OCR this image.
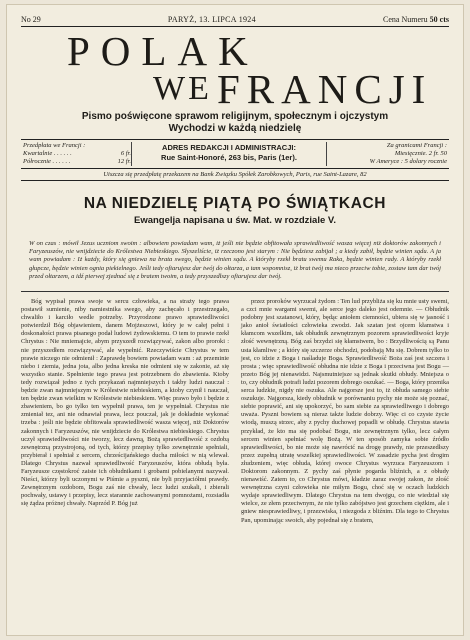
No 29	PARYŻ, 13. LIPCA 1924	Cena Numeru 50 cts
POLAK
WE FRANCJI
Pismo poświęcone sprawom religijnym, społecznym i ojczystym
Wychodzi w każdą niedzielę
Przedpłata we Francji :
Kwartalnie . . . . . .	6 fr.
Półrocznie . . . . . .	12 fr.
ADRES REDAKCJI I ADMINISTRACJI:
Rue Saint-Honoré, 263 bis, Paris (1er).
Za granicami Francji :
Miesięcznie. 2 fr. 50
W Ameryce : 5 dolary rocznie
Uiszcza się przedpłatę przekazem na Bank Związku Spółek Zarobkowych, Paris, rue Saint-Lazare, 82
NA NIEDZIELĘ PIĄTĄ PO ŚWIĄTKACH
Ewangelja napisana u św. Mat. w rozdziale V.
W on czas : mówił Jezus uczniom swoim : albowiem powiadam wam, iż jeśli nie będzie obfitowała sprawiedliwość wasza więcej niż doktorów zakonnych i Faryzeuszów, nie wnijdziecie do Królestwa Niebieskiego. Słyszeliście, iż rzeczono jest starym : Nie będziesz zabijał ; a kiedy zabił, będzie winien sądu. A ja wam powiadam : Iż każdy, który się gniewa na brata swego, będzie winien sądu. A któryby rzekł bratu swemu Raka, będzie winien rady. A któryby rzekł głupcze, będzie winien ognia piekielnego. Jeśli tedy ofiarujesz dar twój do ołtarza, a tam wspomnisz, iż brat twój ma nieco przeciw tobie, zostaw tam dar twój przed ołtarzem, a idź pierwej zjednać się z bratem twoim, a tedy przyszedłszy ofiarujesz dar twój.

Bóg wypisał prawa swoje w sercu człowieka, a na straży tego prawa postawił sumienie, niby namiestnika swego, aby zachęcało i przestrzegało, chwaliło i karciło wedle potrzeby. Przyrodzone prawo sprawiedliwości potwierdził Bóg objawieniem, danem Mojżeszowi, który je w całej pełni i doskonałości prawa pisanego podał ludowi żydowskiemu. O tem to prawie rzekł Chrystus : Nie mniemajcie, abym przyszedł rozwiązywać, zakon albo proroki : nie przyszedłem rozwiązywać, ale wypełnić. Rzeczywiście Chrystus w tem prawie niczego nie odmienił : Zaprawdę bowiem powiadam wam : aż przeminie niebo i ziemia, jedna jota, albo jedna kreska nie odmieni się w zakonie, aż się wszystko stanie. Spełnienie tego prawa jest potrzebnem do zbawienia. Ktoby tedy rozwiązał jedno z tych przykazań najmniejszych i takby ludzi nauczał : będzie zwan najmniejszym w Królestwie niebieskiem, a ktoby czynił i nauczał, ten będzie zwan wielkim w Królestwie niebieskiem. Więc prawo było i będzie z zbawieniem, bo go tylko ten wypełnił prawa, ten je wypełniał. Chrystus nie zmieniał tez, ani nie odnawiał prawa, lecz pouczał, jak je dokładnie wykonać trzeba : jeśli nie będzie obfitowała sprawiedliwość wasza więcej, niż Doktorów zakonnych i Faryzeuszów, nie wnijdziecie do Królestwa niebieskiego. Chrystus uczył sprawiedliwości nie tworzy, lecz dawną, Bożą sprawiedliwość z ozdobą zewnętrzną przystrojoną, od tych, którzy przepisy tylko zewnętrznie spełniali, przybierał i spełniał z sercem, chrześcijańskiego ducha miłości w nią wlewał. Dlatego Chrystus nazwał sprawiedliwość Faryzeuszów, która obłudą była. Faryzeusze częstokroć zaiste ich obłudnikami i grobami pobielanymi nazywał. Nieści, którzy byli uczonymi w Piśmie a pyszni, nie byli przyjaciółmi prawdy. Zewnętrznym ozdobom, Bogu zaś nie chwały, lecz ludzi szukali, i zbierali pochwały, ustawy i przepisy, lecz starannie zachowanymi pomnożami, rozsiadła się żądza próżnej chwały. Naprzód P. Bóg już

przez proroków wyrzucał żydom : Ten lud przybliża się ku mnie usty swemi, a czci mnie wargami swemi, ale serce jego daleko jest odemnie. — Obłudnik podobny jest szatanowi, który, będąc aniołem ciemności, ubiera się w jasność i jako anioł światłości człowieka zwodzi. Jak szatan jest ojcem kłamstwa i kłamcom wszelkim, tak obłudnik zewnętrznym pozorem sprawiedliwości kryje złość wewnętrzną. Bóg zaś brzydzi się kłamstwem, bo : Brzydliwością są Panu usta kłamliwe ; a który się szczerze obchodzi, podobają Mu się. Dobrem tylko to jest, co idzie z Boga i naśladuje Boga. Sprawiedliwość Boża zaś jest szczera i prosta ; więc sprawiedliwość obłudna nie idzie z Boga i przeciwna jest Bogu — przeto Bóg jej nienawidzi. Najsmutniejsze są jednak skutki obłudy. Mniejsza o to, czy obłudnik potrafi ludzi pozorem dobrego oszukać. — Boga, który przenika serca ludzkie, nigdy nie oszuka. Ale najgorsze jest to, iż obłuda samego siebie oszukuje. Najgorsza, kiedy obłudnik w porównaniu pychy nie może się poznać, siebie poprawić, ani się upokorzyć, bo sam siebie za sprawiedliwego i dobrego uważa. Pyszni bowiem są nieraz także ludzie dobrzy. Więc ci co czyste życie wiodą, muszą strzec, aby z pychy duchowej popadli w obłudę. Chrystus stawia przykład, że kto ma się podobać Bogu, nie zewnętrznym tylko, lecz całym sercem winien spełniać wolę Bożą. W ten sposób zamyka sobie źródło sprawiedliwości, bo nie może się nawrócić na drogę prawdy, nie przeszedłszy przez zupełną utratę wszelkiej sprawiedliwości. W zasadzie pycha jest drogim złudzeniem, więc obłuda, której owoce Chrystus wyrzuca Faryzeuszom i Doktorom zakonnym. Z pychy zaś płynie pogarda bliźnich, a z obłudy nienawiść. Zatem to, co Chrystus mówi, kładzie zaraz swojej zakon, że złość wewnętrzna czyni człowieka nie miłym Bogu, choć się w oczach ludzkich wydaje sprawiedliwym. Dlatego Chrystus na tem dwojgu, co nie wiedział się wielce, ze złem przeciwnym, że nie tylko zabójstwo jest grzechem ciężkim, ale i gniew niesprawiedliwy, i przezwiska, i niezgoda z bliźnim. Dla tego to Chrystus Pan, upominając swoich, aby pojednał się z bratem,
